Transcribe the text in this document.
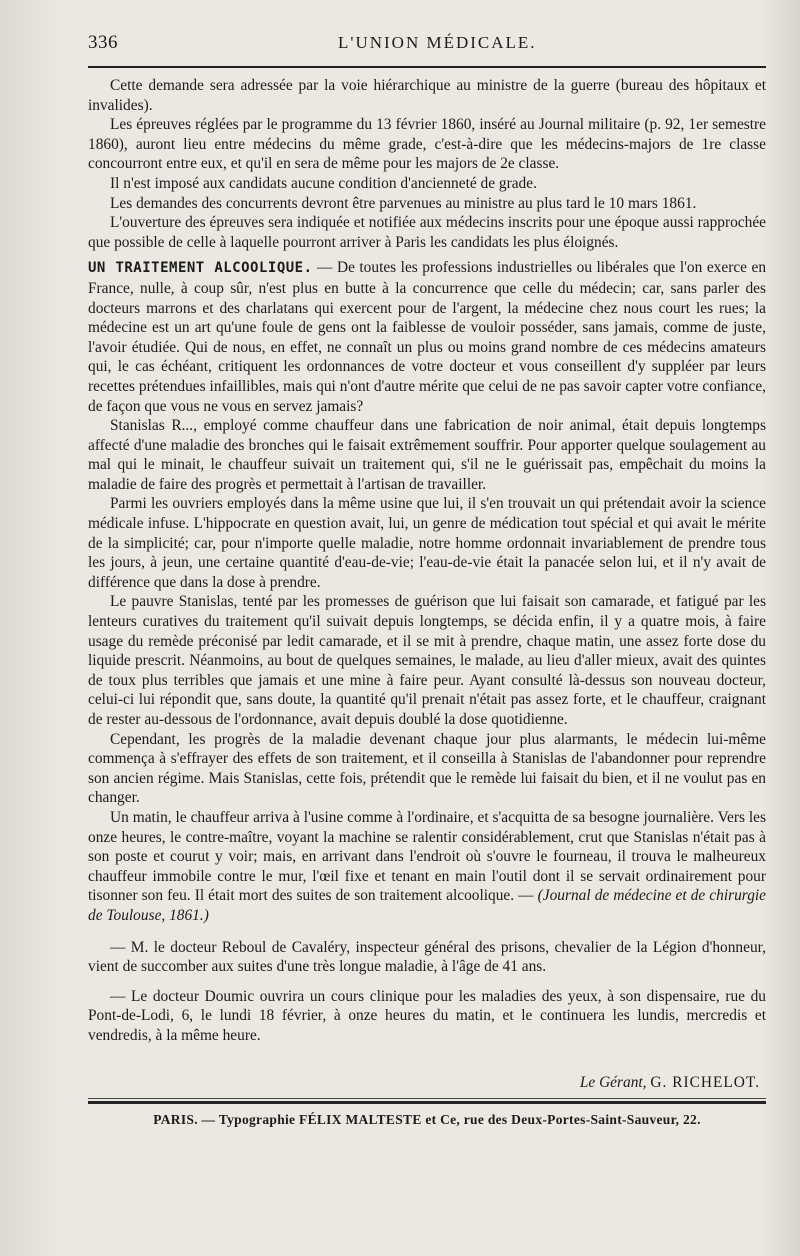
336	L'UNION MÉDICALE.

Cette demande sera adressée par la voie hiérarchique au ministre de la guerre (bureau des hôpitaux et invalides).

Les épreuves réglées par le programme du 13 février 1860, inséré au Journal militaire (p. 92, 1er semestre 1860), auront lieu entre médecins du même grade, c'est-à-dire que les médecins-majors de 1re classe concourront entre eux, et qu'il en sera de même pour les majors de 2e classe.

Il n'est imposé aux candidats aucune condition d'ancienneté de grade.

Les demandes des concurrents devront être parvenues au ministre au plus tard le 10 mars 1861.

L'ouverture des épreuves sera indiquée et notifiée aux médecins inscrits pour une époque aussi rapprochée que possible de celle à laquelle pourront arriver à Paris les candidats les plus éloignés.

UN TRAITEMENT ALCOOLIQUE. — De toutes les professions industrielles ou libérales que l'on exerce en France, nulle, à coup sûr, n'est plus en butte à la concurrence que celle du médecin; car, sans parler des docteurs marrons et des charlatans qui exercent pour de l'argent, la médecine chez nous court les rues; la médecine est un art qu'une foule de gens ont la faiblesse de vouloir posséder, sans jamais, comme de juste, l'avoir étudiée. Qui de nous, en effet, ne connaît un plus ou moins grand nombre de ces médecins amateurs qui, le cas échéant, critiquent les ordonnances de votre docteur et vous conseillent d'y suppléer par leurs recettes prétendues infaillibles, mais qui n'ont d'autre mérite que celui de ne pas savoir capter votre confiance, de façon que vous ne vous en servez jamais?

Stanislas R..., employé comme chauffeur dans une fabrication de noir animal, était depuis longtemps affecté d'une maladie des bronches qui le faisait extrêmement souffrir. Pour apporter quelque soulagement au mal qui le minait, le chauffeur suivait un traitement qui, s'il ne le guérissait pas, empêchait du moins la maladie de faire des progrès et permettait à l'artisan de travailler.

Parmi les ouvriers employés dans la même usine que lui, il s'en trouvait un qui prétendait avoir la science médicale infuse. L'hippocrate en question avait, lui, un genre de médication tout spécial et qui avait le mérite de la simplicité; car, pour n'importe quelle maladie, notre homme ordonnait invariablement de prendre tous les jours, à jeun, une certaine quantité d'eau-de-vie; l'eau-de-vie était la panacée selon lui, et il n'y avait de différence que dans la dose à prendre.

Le pauvre Stanislas, tenté par les promesses de guérison que lui faisait son camarade, et fatigué par les lenteurs curatives du traitement qu'il suivait depuis longtemps, se décida enfin, il y a quatre mois, à faire usage du remède préconisé par ledit camarade, et il se mit à prendre, chaque matin, une assez forte dose du liquide prescrit. Néanmoins, au bout de quelques semaines, le malade, au lieu d'aller mieux, avait des quintes de toux plus terribles que jamais et une mine à faire peur. Ayant consulté là-dessus son nouveau docteur, celui-ci lui répondit que, sans doute, la quantité qu'il prenait n'était pas assez forte, et le chauffeur, craignant de rester au-dessous de l'ordonnance, avait depuis doublé la dose quotidienne.

Cependant, les progrès de la maladie devenant chaque jour plus alarmants, le médecin lui-même commença à s'effrayer des effets de son traitement, et il conseilla à Stanislas de l'abandonner pour reprendre son ancien régime. Mais Stanislas, cette fois, prétendit que le remède lui faisait du bien, et il ne voulut pas en changer.

Un matin, le chauffeur arriva à l'usine comme à l'ordinaire, et s'acquitta de sa besogne journalière. Vers les onze heures, le contre-maître, voyant la machine se ralentir considérablement, crut que Stanislas n'était pas à son poste et courut y voir; mais, en arrivant dans l'endroit où s'ouvre le fourneau, il trouva le malheureux chauffeur immobile contre le mur, l'œil fixe et tenant en main l'outil dont il se servait ordinairement pour tisonner son feu. Il était mort des suites de son traitement alcoolique. — (Journal de médecine et de chirurgie de Toulouse, 1861.)

— M. le docteur Reboul de Cavaléry, inspecteur général des prisons, chevalier de la Légion d'honneur, vient de succomber aux suites d'une très longue maladie, à l'âge de 41 ans.

— Le docteur Doumic ouvrira un cours clinique pour les maladies des yeux, à son dispensaire, rue du Pont-de-Lodi, 6, le lundi 18 février, à onze heures du matin, et le continuera les lundis, mercredis et vendredis, à la même heure.

Le Gérant, G. RICHELOT.
PARIS. — Typographie FÉLIX MALTESTE et Ce, rue des Deux-Portes-Saint-Sauveur, 22.
